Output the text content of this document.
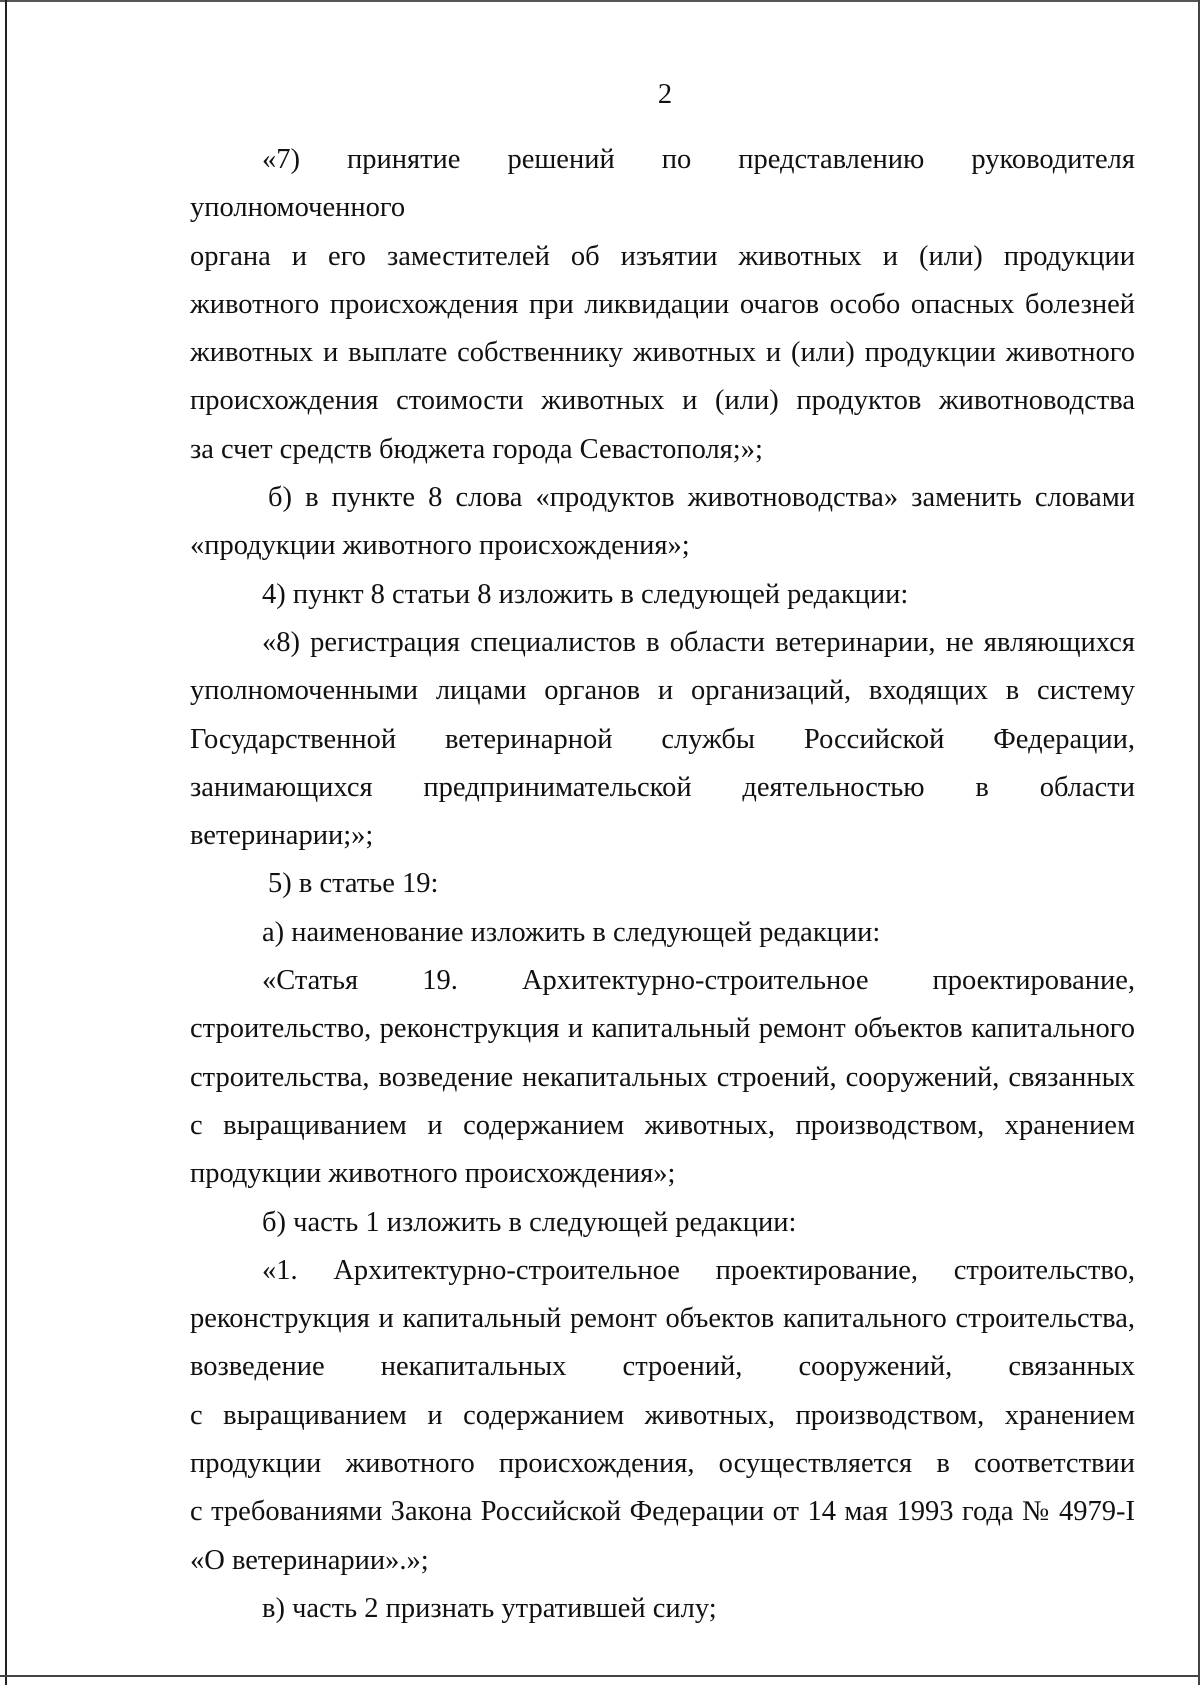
2

«7) принятие решений по представлению руководителя уполномоченного
органа и его заместителей об изъятии животных и (или) продукции
животного происхождения при ликвидации очагов особо опасных болезней
животных и выплате собственнику животных и (или) продукции животного
происхождения стоимости животных и (или) продуктов животноводства
за счет средств бюджета города Севастополя;»;

б) в пункте 8 слова «продуктов животноводства» заменить словами
«продукции животного происхождения»;

4) пункт 8 статьи 8 изложить в следующей редакции:

«8) регистрация специалистов в области ветеринарии, не являющихся
уполномоченными лицами органов и организаций, входящих в систему
Государственной ветеринарной службы Российской Федерации,
занимающихся предпринимательской деятельностью в области
ветеринарии;»;

5) в статье 19:

а) наименование изложить в следующей редакции:

«Статья 19. Архитектурно-строительное проектирование,
строительство, реконструкция и капитальный ремонт объектов капитального
строительства, возведение некапитальных строений, сооружений, связанных
с выращиванием и содержанием животных, производством, хранением
продукции животного происхождения»;

б) часть 1 изложить в следующей редакции:

«1. Архитектурно-строительное проектирование, строительство,
реконструкция и капитальный ремонт объектов капитального строительства,
возведение некапитальных строений, сооружений, связанных
с выращиванием и содержанием животных, производством, хранением
продукции животного происхождения, осуществляется в соответствии
с требованиями Закона Российской Федерации от 14 мая 1993 года № 4979-I
«О ветеринарии».»;

в) часть 2 признать утратившей силу;
